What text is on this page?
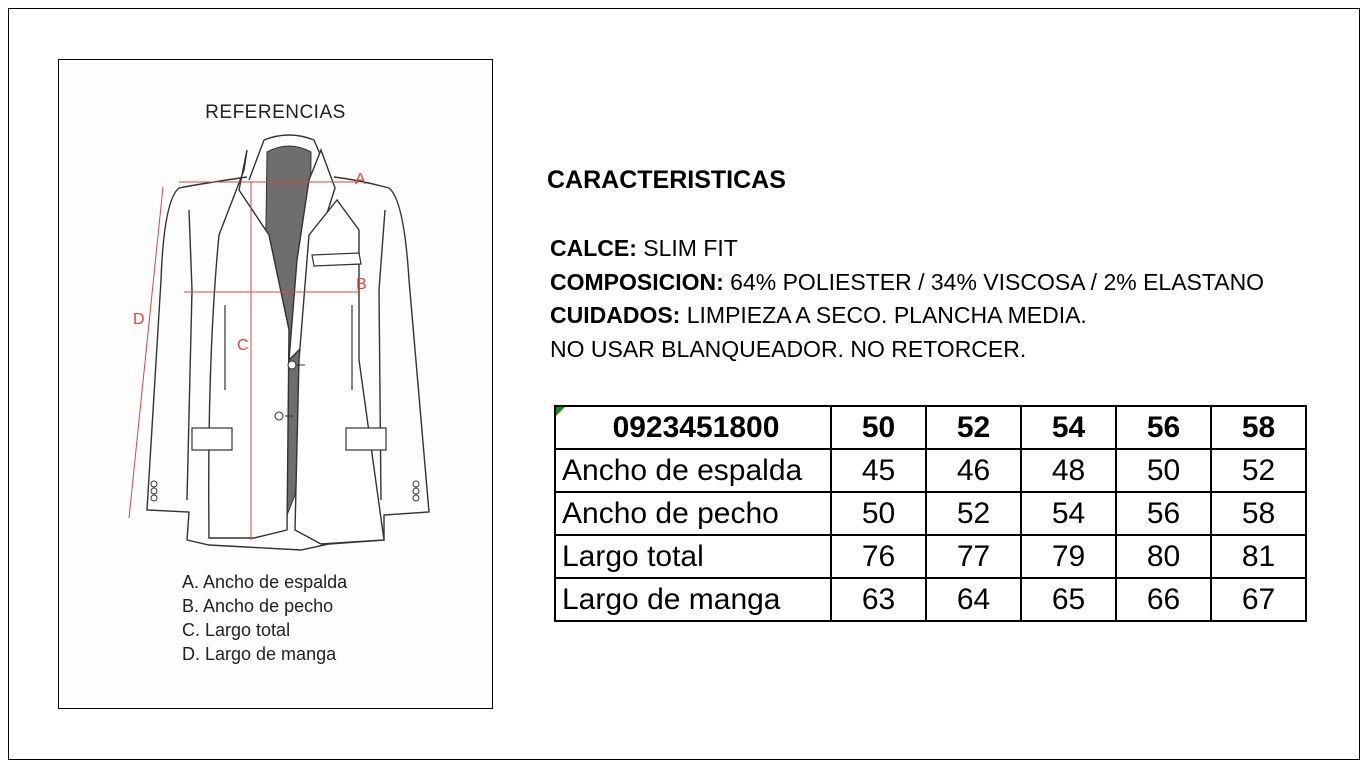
REFERENCIAS
A
B
C
D
A. Ancho de espalda
B. Ancho de pecho
C. Largo total
D. Largo de manga
CARACTERISTICAS
CALCE: SLIM FIT
COMPOSICION: 64% POLIESTER / 34% VISCOSA / 2% ELASTANO
CUIDADOS: LIMPIEZA A SECO. PLANCHA MEDIA.
NO USAR BLANQUEADOR. NO RETORCER.
0923451800	50	52	54	56	58
Ancho de espalda	45	46	48	50	52
Ancho de pecho	50	52	54	56	58
Largo total	76	77	79	80	81
Largo de manga	63	64	65	66	67
